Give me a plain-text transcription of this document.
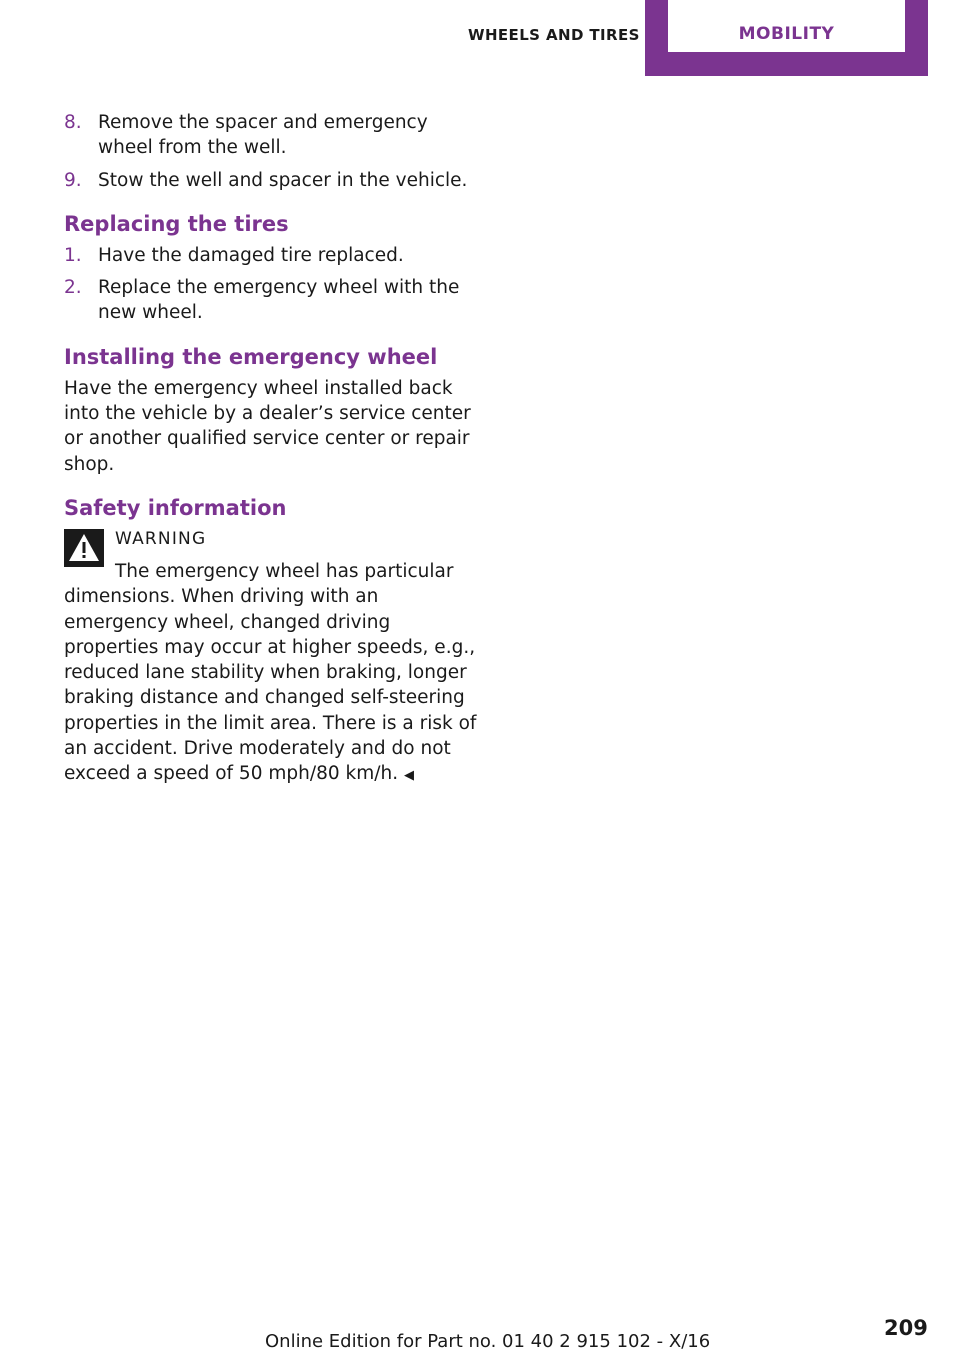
WHEELS AND TIRES	MOBILITY
8. Remove the spacer and emergency wheel from the well.
9. Stow the well and spacer in the vehicle.
Replacing the tires
1. Have the damaged tire replaced.
2. Replace the emergency wheel with the new wheel.
Installing the emergency wheel

Have the emergency wheel installed back into the vehicle by a dealer’s service center or another qualified service center or repair shop.

Safety information
WARNING

The emergency wheel has particular dimensions. When driving with an emergency wheel, changed driving properties may occur at higher speeds, e.g., reduced lane stability when braking, longer braking distance and changed self-steering properties in the limit area. There is a risk of an accident. Drive moderately and do not exceed a speed of 50 mph/80 km/h. ◀

Online Edition for Part no. 01 40 2 915 102 - X/16
209
